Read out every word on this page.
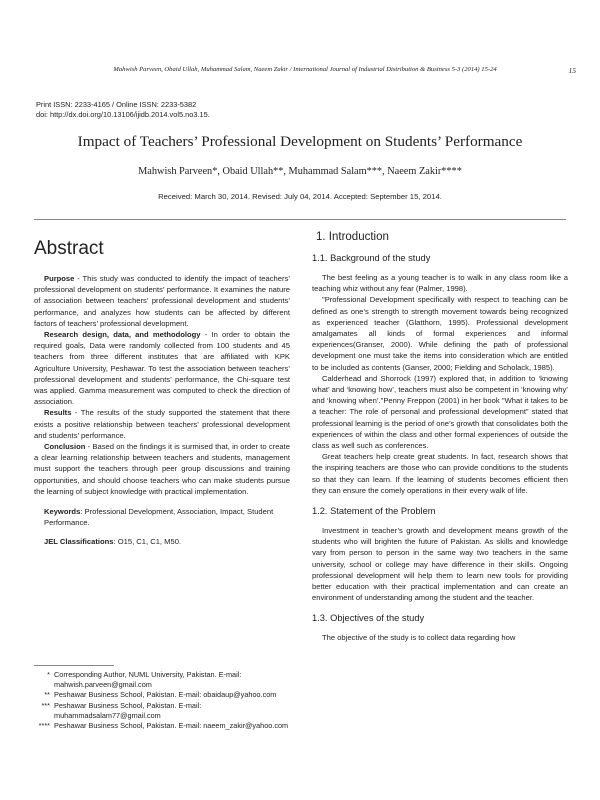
Mahwish Parveen, Obaid Ullah, Muhammad Salam, Naeem Zakir / International Journal of Industrial Distribution & Business 5-3 (2014) 15-24	15
Print ISSN: 2233-4165 / Online ISSN: 2233-5382
doi: http://dx.doi.org/10.13106/ijidb.2014.vol5.no3.15.
Impact of Teachers’ Professional Development on Students’ Performance
Mahwish Parveen*, Obaid Ullah**, Muhammad Salam***, Naeem Zakir****
Received: March 30, 2014. Revised: July 04, 2014. Accepted: September 15, 2014.
Abstract

Purpose - This study was conducted to identify the impact of teachers’ professional development on students’ performance. It examines the nature of association between teachers’ professional development and students’ performance, and analyzes how students can be affected by different factors of teachers’ professional development.

Research design, data, and methodology - In order to obtain the required goals, Data were randomly collected from 100 students and 45 teachers from three different institutes that are affiliated with KPK Agriculture University, Peshawar. To test the association between teachers’ professional development and students’ performance, the Chi-square test was applied. Gamma measurement was computed to check the direction of association.

Results - The results of the study supported the statement that there exists a positive relationship between teachers’ professional development and students’ performance.

Conclusion - Based on the findings it is surmised that, in order to create a clear learning relationship between teachers and students, management must support the teachers through peer group discussions and training opportunities, and should choose teachers who can make students pursue the learning of subject knowledge with practical implementation.

Keywords: Professional Development, Association, Impact, Student Performance.
JEL Classifications: O15, C1, C1, M50.
* Corresponding Author, NUML University, Pakistan. E-mail: mahwish.parveen@gmail.com
** Peshawar Business School, Pakistan. E-mail: obaidaup@yahoo.com
*** Peshawar Business School, Pakistan. E-mail: muhammadsalam77@gmail.com
**** Peshawar Business School, Pakistan. E-mail: naeem_zakir@yahoo.com
1. Introduction
1.1. Background of the study

The best feeling as a young teacher is to walk in any class room like a teaching whiz without any fear (Palmer, 1998).

"Professional Development specifically with respect to teaching can be defined as one’s strength to strength movement towards being recognized as experienced teacher (Glatthorn, 1995). Professional development amalgamates all kinds of formal experiences and informal experiences(Granser, 2000). While defining the path of professional development one must take the items into consideration which are entitled to be included as contents (Ganser, 2000; Fielding and Scholack, 1985).

Calderhead and Shorrock (1997) explored that, in addition to ‘knowing what’ and ‘knowing how’, teachers must also be competent in ‘knowing why’ and ‘knowing when’."Penny Freppon (2001) in her book "What it takes to be a teacher: The role of personal and professional development" stated that professional learning is the period of one’s growth that consolidates both the experiences of within the class and other formal experiences of outside the class as well such as conferences.

Great teachers help create great students. In fact, research shows that the inspiring teachers are those who can provide conditions to the students so that they can learn. If the learning of students becomes efficient then they can ensure the comely operations in their every walk of life.

1.2. Statement of the Problem

Investment in teacher’s growth and development means growth of the students who will brighten the future of Pakistan. As skills and knowledge vary from person to person in the same way two teachers in the same university, school or college may have difference in their skills. Ongoing professional development will help them to learn new tools for providing better education with their practical implementation and can create an environment of understanding among the student and the teacher.

1.3. Objectives of the study

The objective of the study is to collect data regarding how
